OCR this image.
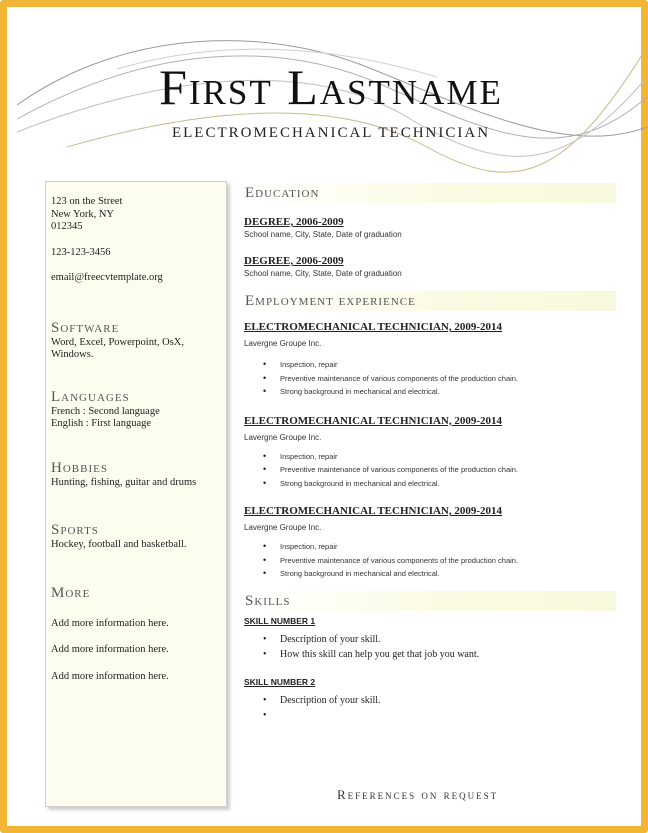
First Lastname
ELECTROMECHANICAL TECHNICIAN

123 on the Street

New York, NY

012345

123-123-3456

email@freecvtemplate.org

Software

Word, Excel, Powerpoint, OsX,

Windows.

Languages

French : Second language

English : First language

Hobbies

Hunting, fishing, guitar and drums

Sports

Hockey, football and basketball.

More

Add more information here.

Add more information here.

Add more information here.

Education

DEGREE, 2006-2009

School name, City, State, Date of graduation

DEGREE, 2006-2009

School name, City, State, Date of graduation

Employment experience

ELECTROMECHANICAL TECHNICIAN, 2009-2014

Lavergne Groupe Inc.

• Inspection, repair
• Preventive maintenance of various components of the production chain.
• Strong background in mechanical and electrical.

ELECTROMECHANICAL TECHNICIAN, 2009-2014

Lavergne Groupe Inc.

• Inspection, repair
• Preventive maintenance of various components of the production chain.
• Strong background in mechanical and electrical.

ELECTROMECHANICAL TECHNICIAN, 2009-2014

Lavergne Groupe Inc.

• Inspection, repair
• Preventive maintenance of various components of the production chain.
• Strong background in mechanical and electrical.
Skills

SKILL NUMBER 1

• Description of your skill.
• How this skill can help you get that job you want.

SKILL NUMBER 2

• Description of your skill.
•

References on request
